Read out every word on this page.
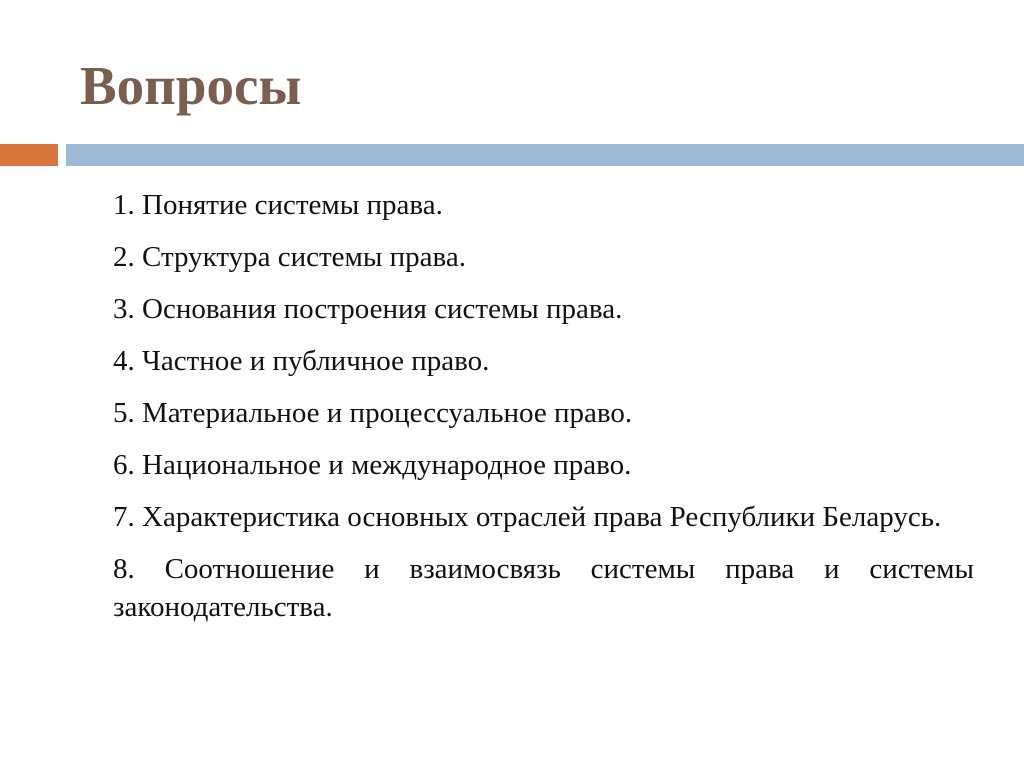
Вопросы
1. Понятие системы права.
2. Структура системы права.
3. Основания построения системы права.
4. Частное и публичное право.
5. Материальное и процессуальное право.
6. Национальное и международное право.
7. Характеристика основных отраслей права Республики Беларусь.
8. Соотношение и взаимосвязь системы права и системы законодательства.
